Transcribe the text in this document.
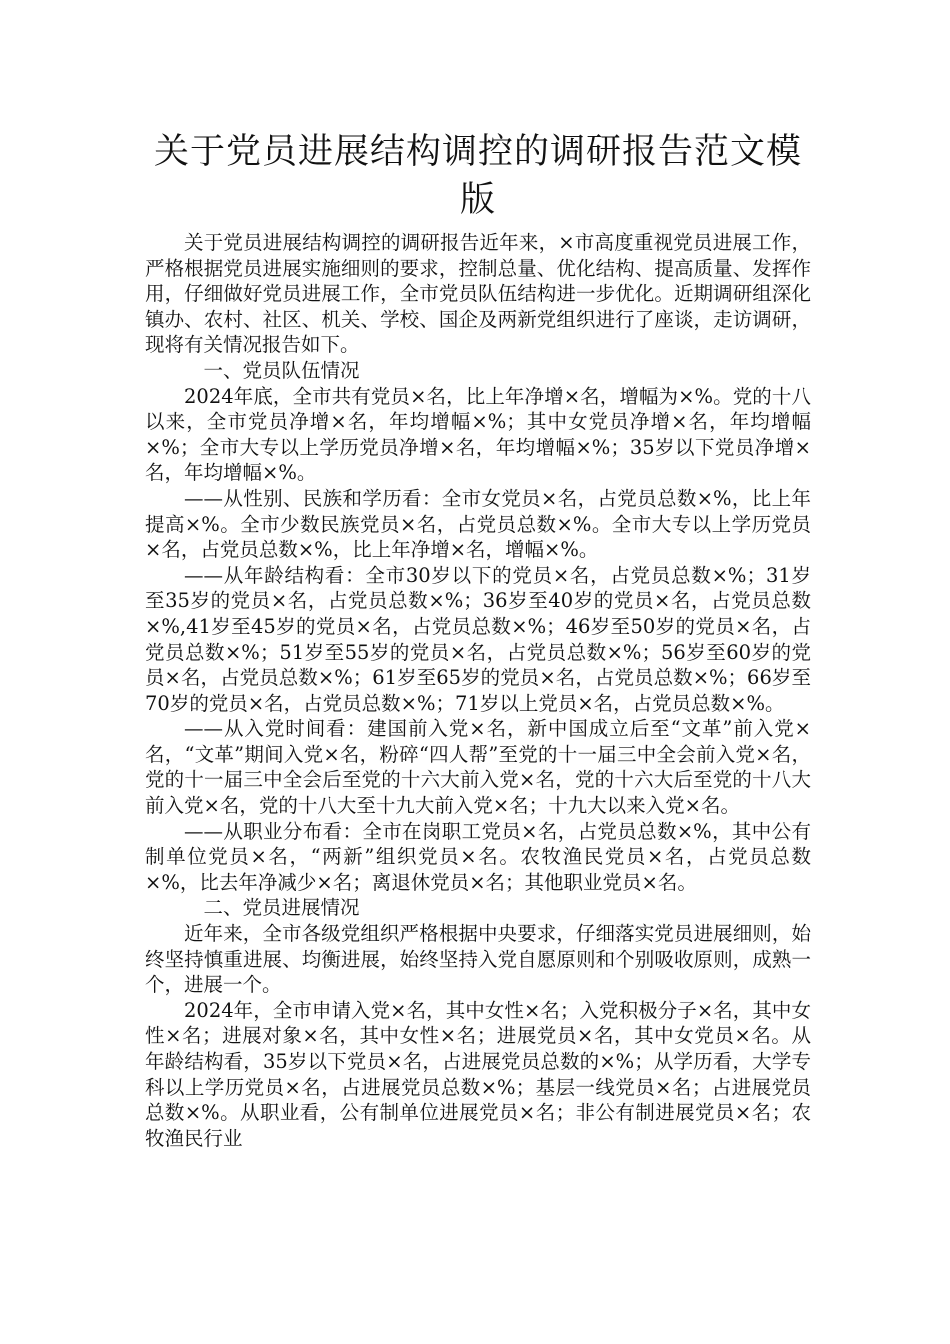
关于党员进展结构调控的调研报告范文模版

关于党员进展结构调控的调研报告近年来，×市高度重视党员进展工作，严格根据党员进展实施细则的要求，控制总量、优化结构、提高质量、发挥作用，仔细做好党员进展工作，全市党员队伍结构进一步优化。近期调研组深化镇办、农村、社区、机关、学校、国企及两新党组织进行了座谈，走访调研，现将有关情况报告如下。

一、党员队伍情况

2024年底，全市共有党员×名，比上年净增×名，增幅为×%。党的十八以来，全市党员净增×名，年均增幅×%；其中女党员净增×名，年均增幅×%；全市大专以上学历党员净增×名，年均增幅×%；35岁以下党员净增×名，年均增幅×%。

——从性别、民族和学历看：全市女党员×名，占党员总数×%，比上年提高×%。全市少数民族党员×名，占党员总数×%。全市大专以上学历党员×名，占党员总数×%，比上年净增×名，增幅×%。

——从年龄结构看：全市30岁以下的党员×名，占党员总数×%；31岁至35岁的党员×名，占党员总数×%；36岁至40岁的党员×名，占党员总数×%,41岁至45岁的党员×名，占党员总数×%；46岁至50岁的党员×名，占党员总数×%；51岁至55岁的党员×名，占党员总数×%；56岁至60岁的党员×名，占党员总数×%；61岁至65岁的党员×名，占党员总数×%；66岁至70岁的党员×名，占党员总数×%；71岁以上党员×名，占党员总数×%。

——从入党时间看：建国前入党×名，新中国成立后至“文革”前入党×名，“文革”期间入党×名，粉碎“四人帮”至党的十一届三中全会前入党×名，党的十一届三中全会后至党的十六大前入党×名，党的十六大后至党的十八大前入党×名，党的十八大至十九大前入党×名；十九大以来入党×名。

——从职业分布看：全市在岗职工党员×名，占党员总数×%，其中公有制单位党员×名，“两新”组织党员×名。农牧渔民党员×名，占党员总数×%，比去年净减少×名；离退休党员×名；其他职业党员×名。

二、党员进展情况

近年来，全市各级党组织严格根据中央要求，仔细落实党员进展细则，始终坚持慎重进展、均衡进展，始终坚持入党自愿原则和个别吸收原则，成熟一个，进展一个。

2024年，全市申请入党×名，其中女性×名；入党积极分子×名，其中女性×名；进展对象×名，其中女性×名；进展党员×名，其中女党员×名。从年龄结构看，35岁以下党员×名，占进展党员总数的×%；从学历看，大学专科以上学历党员×名，占进展党员总数×%；基层一线党员×名；占进展党员总数×%。从职业看，公有制单位进展党员×名；非公有制进展党员×名；农牧渔民行业
